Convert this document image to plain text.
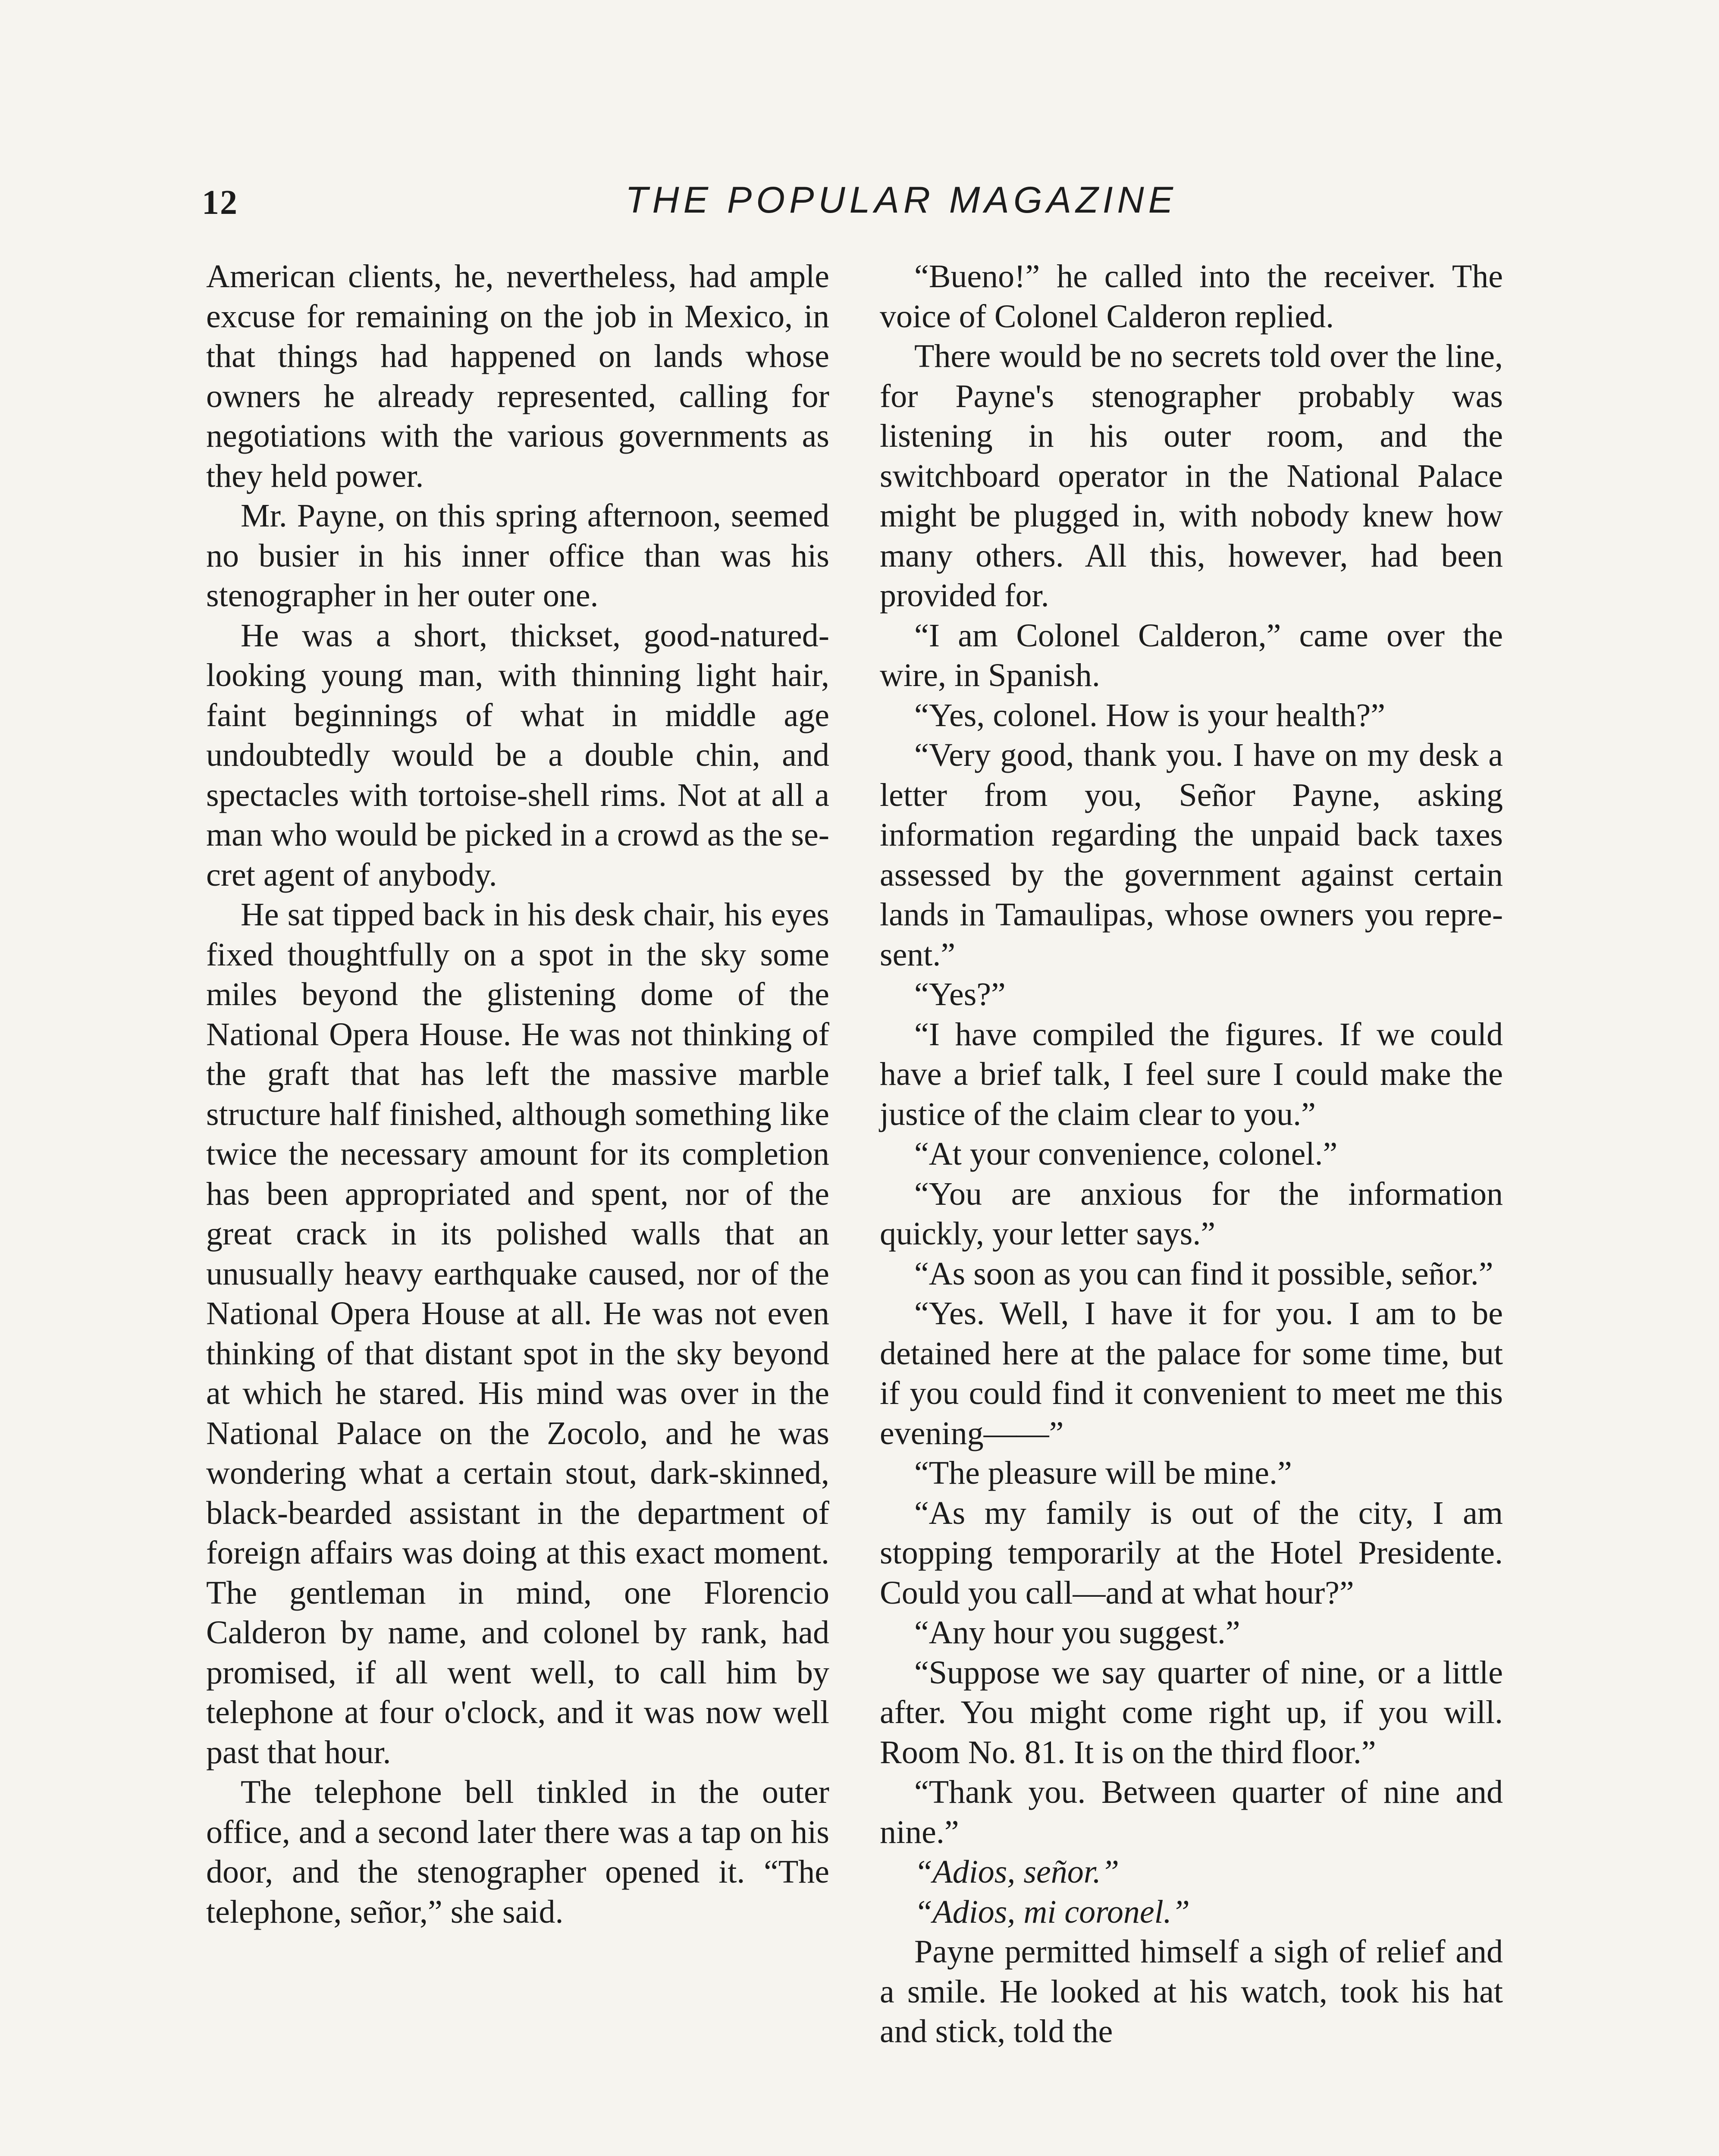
12	THE POPULAR MAGAZINE

American clients, he, nevertheless, had ample excuse for remaining on the job in Mexico, in that things had happened on lands whose owners he already represented, calling for negotiations with the various governments as they held power.

Mr. Payne, on this spring afternoon, seemed no busier in his inner office than was his stenographer in her outer one.

He was a short, thickset, good-natured-looking young man, with thinning light hair, faint beginnings of what in middle age undoubtedly would be a double chin, and spectacles with tortoise-shell rims. Not at all a man who would be picked in a crowd as the secret agent of anybody.

He sat tipped back in his desk chair, his eyes fixed thoughtfully on a spot in the sky some miles beyond the glistening dome of the National Opera House. He was not thinking of the graft that has left the massive marble structure half finished, although something like twice the necessary amount for its completion has been appropriated and spent, nor of the great crack in its polished walls that an unusually heavy earthquake caused, nor of the National Opera House at all. He was not even thinking of that distant spot in the sky beyond at which he stared. His mind was over in the National Palace on the Zocolo, and he was wondering what a certain stout, dark-skinned, black-bearded assistant in the department of foreign affairs was doing at this exact moment. The gentleman in mind, one Florencio Calderon by name, and colonel by rank, had promised, if all went well, to call him by telephone at four o'clock, and it was now well past that hour.

The telephone bell tinkled in the outer office, and a second later there was a tap on his door, and the stenographer opened it. “The telephone, señor,” she said.

“Bueno!” he called into the receiver. The voice of Colonel Calderon replied.

There would be no secrets told over the line, for Payne's stenographer probably was listening in his outer room, and the switchboard operator in the National Palace might be plugged in, with nobody knew how many others. All this, however, had been provided for.

“I am Colonel Calderon,” came over the wire, in Spanish.

“Yes, colonel. How is your health?”

“Very good, thank you. I have on my desk a letter from you, Señor Payne, asking information regarding the unpaid back taxes assessed by the government against certain lands in Tamaulipas, whose owners you represent.”

“Yes?”

“I have compiled the figures. If we could have a brief talk, I feel sure I could make the justice of the claim clear to you.”

“At your convenience, colonel.”

“You are anxious for the information quickly, your letter says.”

“As soon as you can find it possible, señor.”

“Yes. Well, I have it for you. I am to be detained here at the palace for some time, but if you could find it convenient to meet me this evening——”

“The pleasure will be mine.”

“As my family is out of the city, I am stopping temporarily at the Hotel Presidente. Could you call—and at what hour?”

“Any hour you suggest.”

“Suppose we say quarter of nine, or a little after. You might come right up, if you will. Room No. 81. It is on the third floor.”

“Thank you. Between quarter of nine and nine.”

“Adios, señor.”

“Adios, mi coronel.”

Payne permitted himself a sigh of relief and a smile. He looked at his watch, took his hat and stick, told the
